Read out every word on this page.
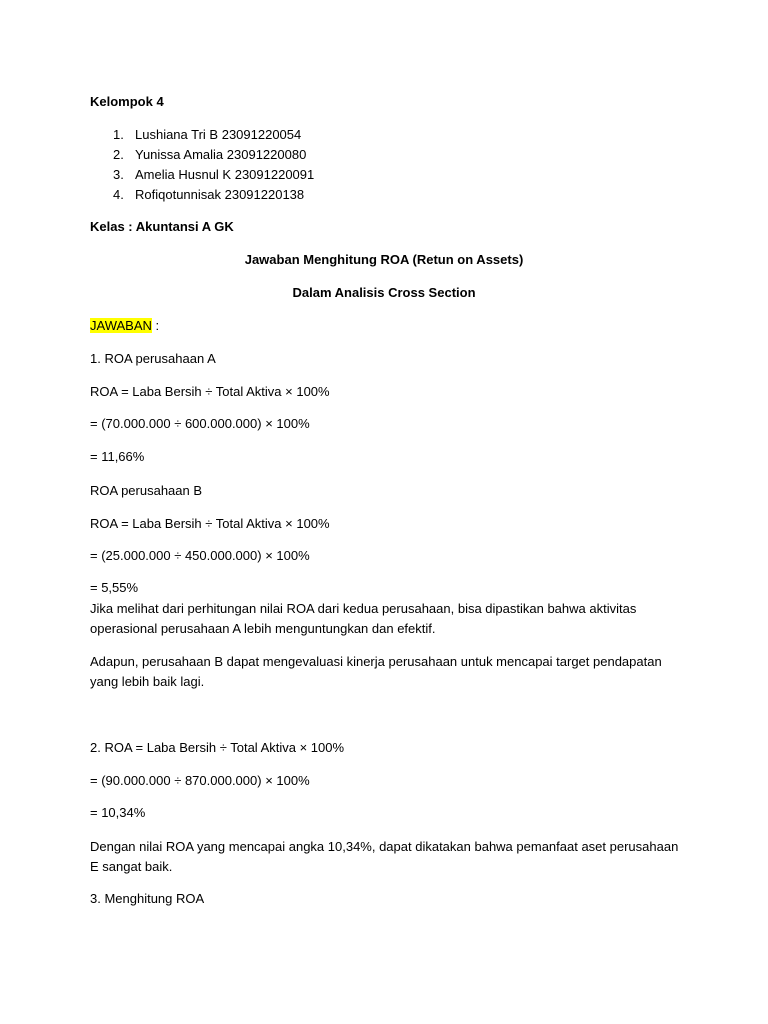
Kelompok 4
1. Lushiana Tri B 23091220054
2. Yunissa Amalia 23091220080
3. Amelia Husnul K 23091220091
4. Rofiqotunnisak 23091220138
Kelas : Akuntansi A GK
Jawaban Menghitung ROA (Retun on Assets)
Dalam Analisis Cross Section
JAWABAN :
1. ROA perusahaan A
ROA = Laba Bersih ÷ Total Aktiva × 100%
= (70.000.000 ÷ 600.000.000) × 100%
= 11,66%
ROA perusahaan B
ROA = Laba Bersih ÷ Total Aktiva × 100%
= (25.000.000 ÷ 450.000.000) × 100%
= 5,55%
Jika melihat dari perhitungan nilai ROA dari kedua perusahaan, bisa dipastikan bahwa aktivitas operasional perusahaan A lebih menguntungkan dan efektif.
Adapun, perusahaan B dapat mengevaluasi kinerja perusahaan untuk mencapai target pendapatan yang lebih baik lagi.
2. ROA = Laba Bersih ÷ Total Aktiva × 100%
= (90.000.000 ÷ 870.000.000) × 100%
= 10,34%
Dengan nilai ROA yang mencapai angka 10,34%, dapat dikatakan bahwa pemanfaat aset perusahaan E sangat baik.
3. Menghitung ROA
